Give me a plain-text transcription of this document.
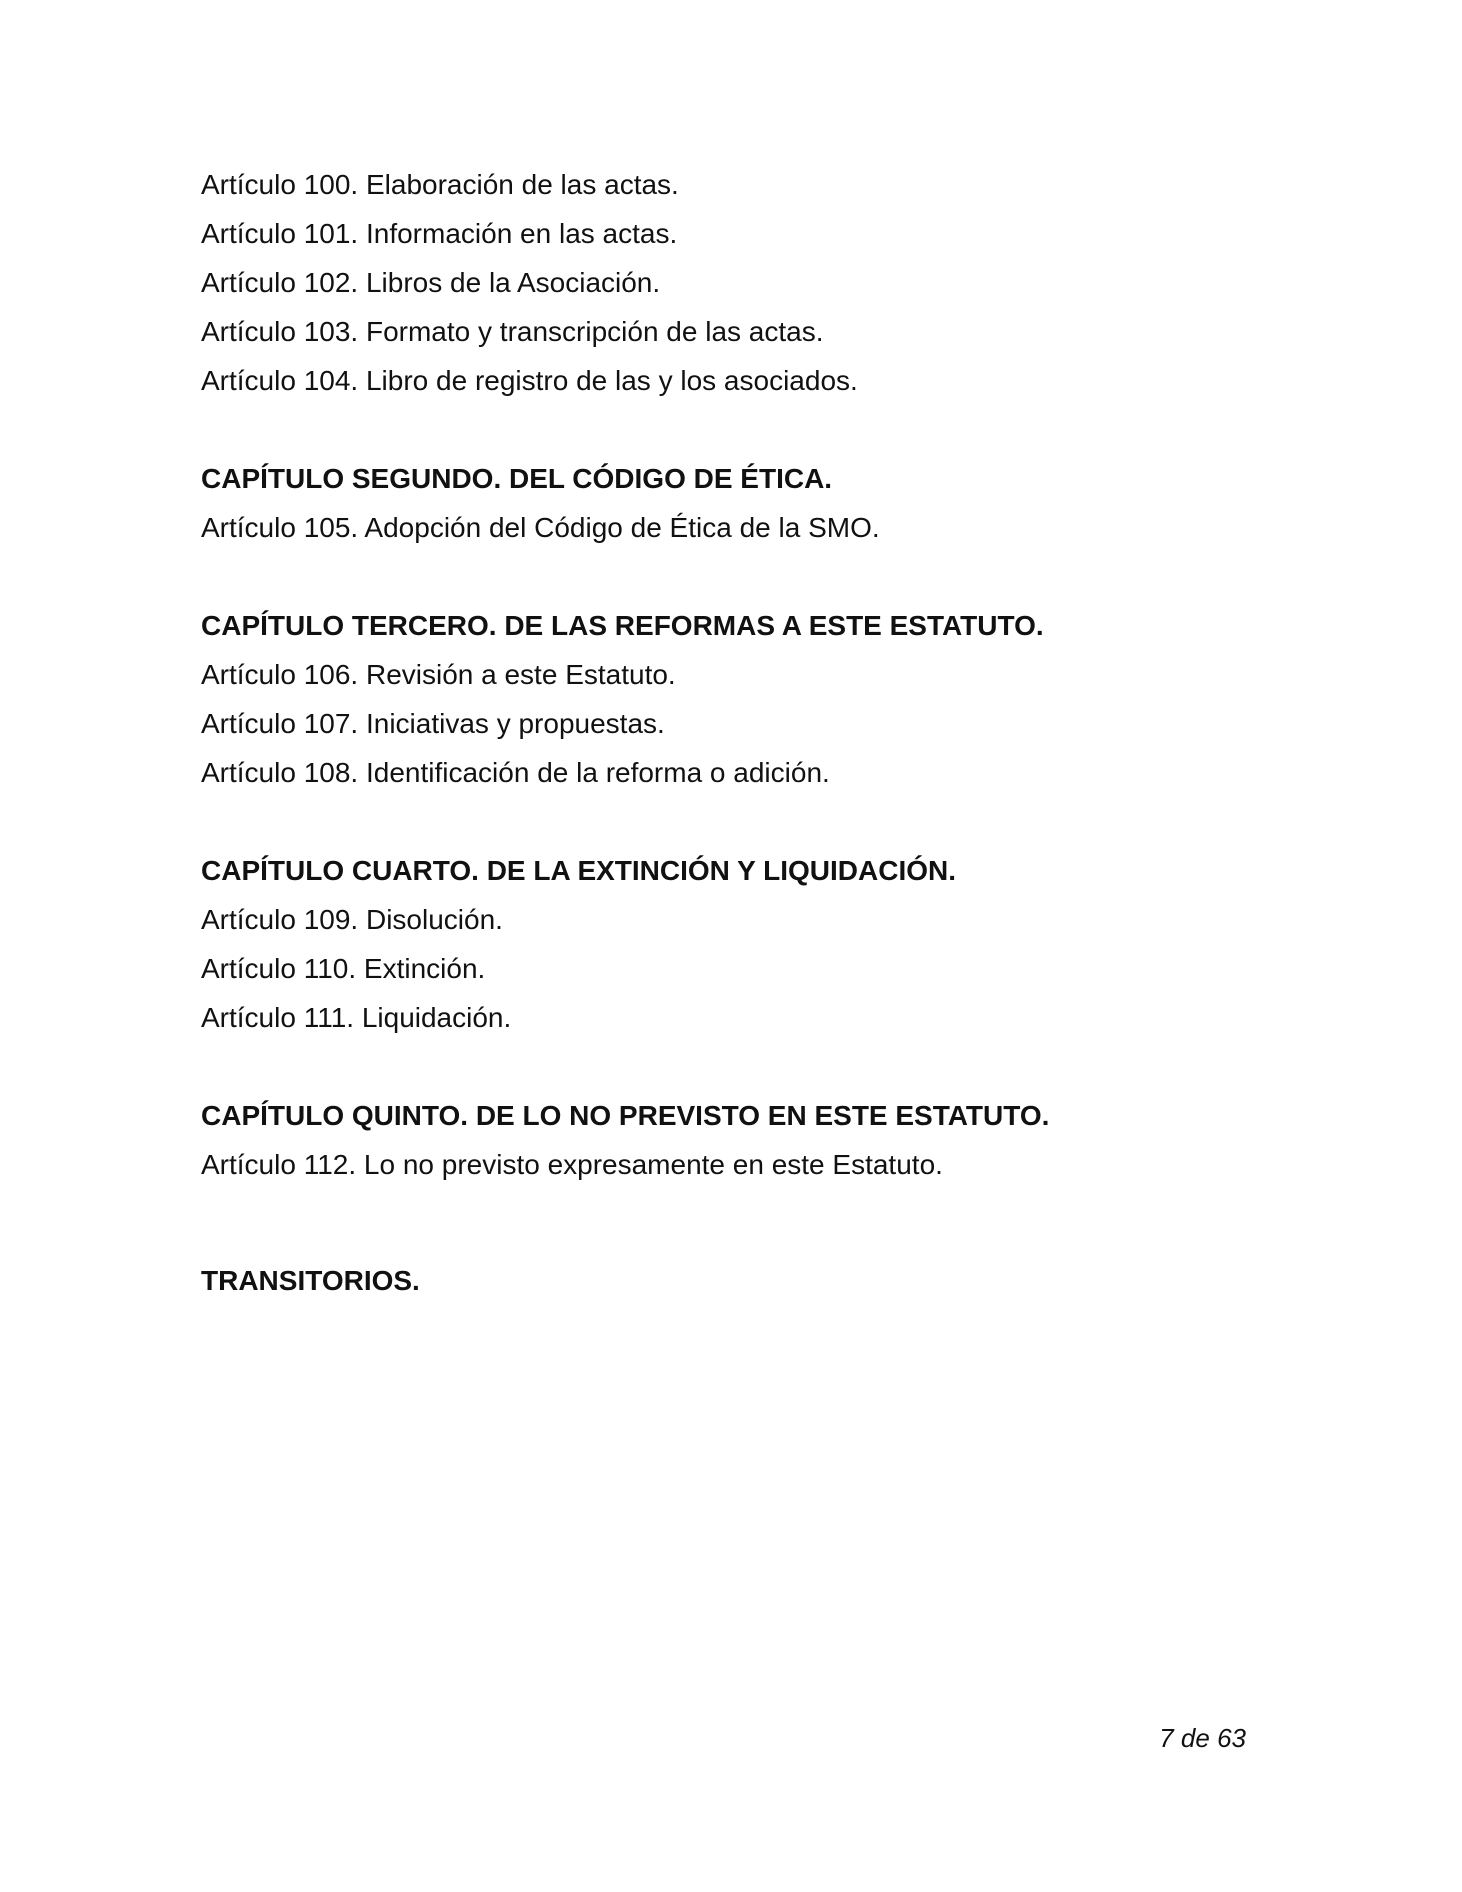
Artículo 100. Elaboración de las actas.
Artículo 101. Información en las actas.
Artículo 102. Libros de la Asociación.
Artículo 103. Formato y transcripción de las actas.
Artículo 104. Libro de registro de las y los asociados.
CAPÍTULO SEGUNDO. DEL CÓDIGO DE ÉTICA.
Artículo 105. Adopción del Código de Ética de la SMO.
CAPÍTULO TERCERO. DE LAS REFORMAS A ESTE ESTATUTO.
Artículo 106. Revisión a este Estatuto.
Artículo 107. Iniciativas y propuestas.
Artículo 108. Identificación de la reforma o adición.
CAPÍTULO CUARTO. DE LA EXTINCIÓN Y LIQUIDACIÓN.
Artículo 109. Disolución.
Artículo 110. Extinción.
Artículo 111. Liquidación.
CAPÍTULO QUINTO. DE LO NO PREVISTO EN ESTE ESTATUTO.
Artículo 112. Lo no previsto expresamente en este Estatuto.
TRANSITORIOS.
7 de 63
